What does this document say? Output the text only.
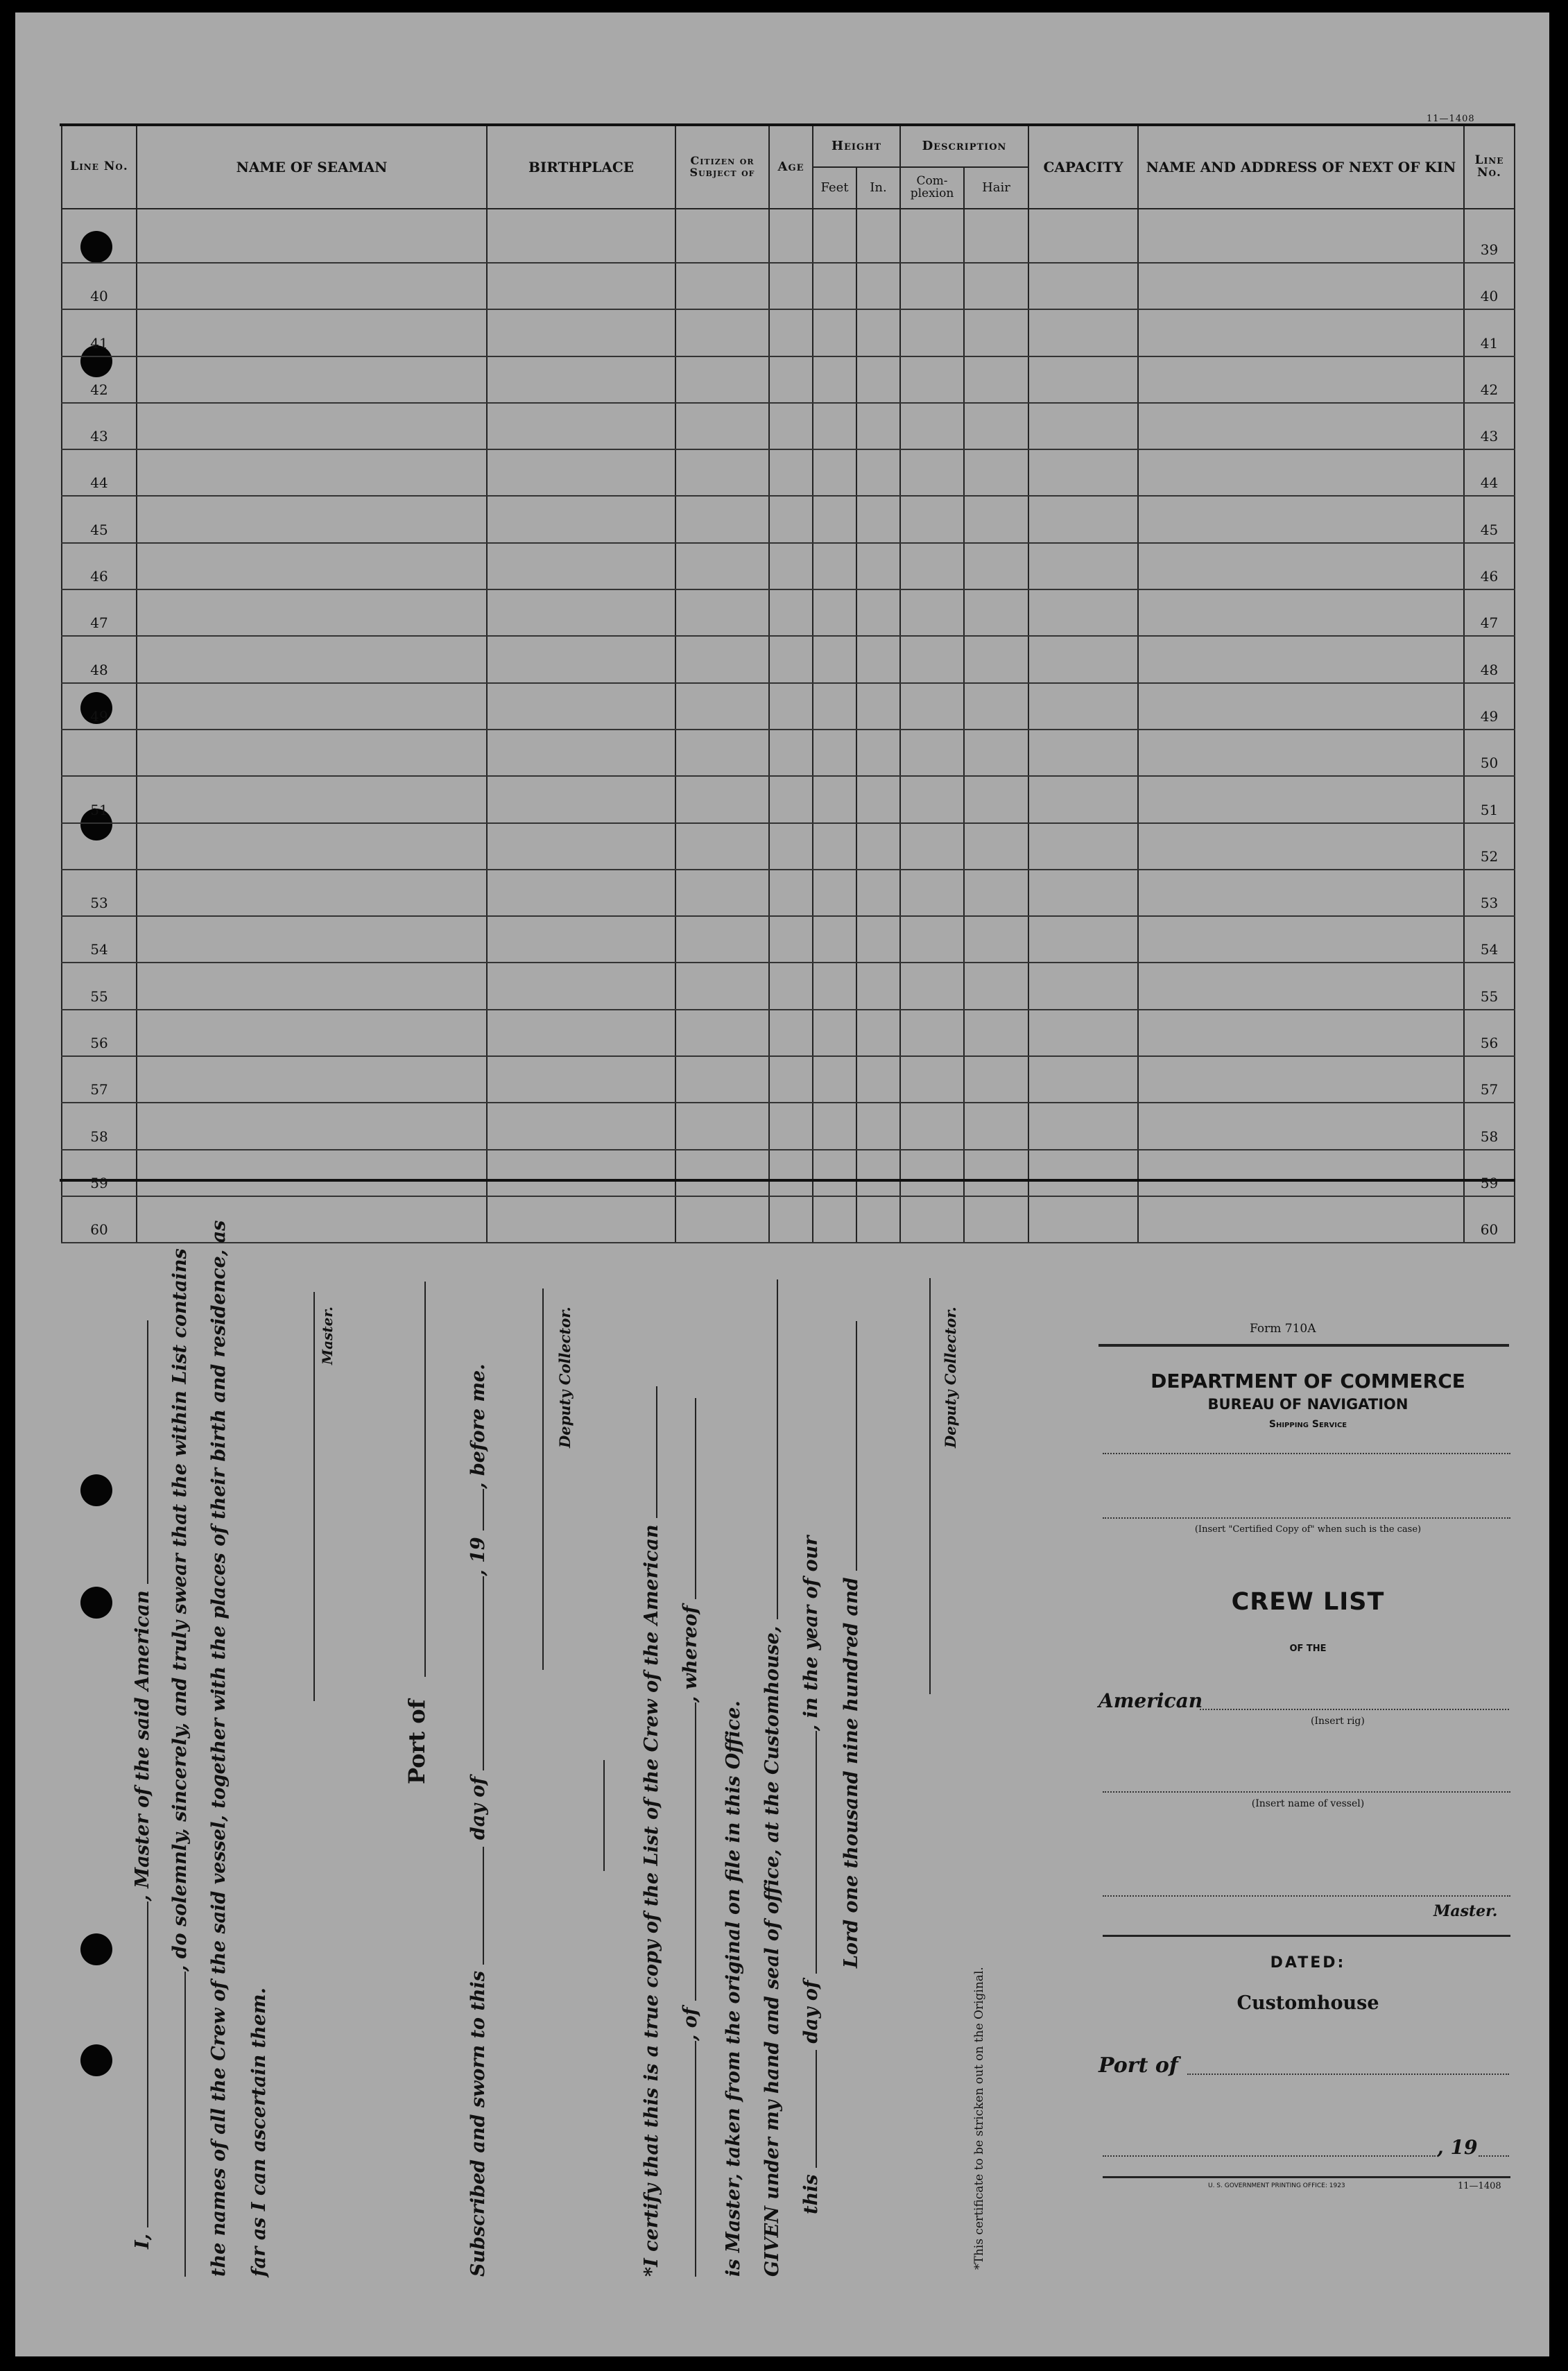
11—1408
Line No.	NAME OF SEAMAN	BIRTHPLACE	Citizen or Subject of	Age	Height		Description		CAPACITY	NAME AND ADDRESS OF NEXT OF KIN	Line No.
					Feet	In.	Com- plexion	Hair			
											39
40											40
41											41
42											42
43											43
44											44
45											45
46											46
47											47
48											48
49											49
											50
51											51
											52
53											53
54											54
55											55
56											56
57											57
58											58
59											59
60											60
I, , Master of the said American , do solemnly, sincerely, and truly swear that the within List contains the names of all the Crew of the said vessel, together with the places of their birth and residence, as far as I can ascertain them.
Master.
Port of
Subscribed and sworn to this  day of , 19 , before me.	Deputy Collector.
*I certify that this is a true copy of the List of the Crew of the American , of , whereof
is Master, taken from the original on file in this Office. GIVEN under my hand and seal of office, at the Customhouse, this  day of , in the year of our Lord one thousand nine hundred and
Deputy Collector.
*This certificate to be stricken out on the Original.
Form 710A
DEPARTMENT OF COMMERCE
BUREAU OF NAVIGATION
Shipping Service
(Insert "Certified Copy of" when such is the case)
CREW LIST
OF THE
American
(Insert rig)
(Insert name of vessel)
Master.
DATED:
Customhouse
Port of
, 19
U. S. GOVERNMENT PRINTING OFFICE: 1923	11—1408
